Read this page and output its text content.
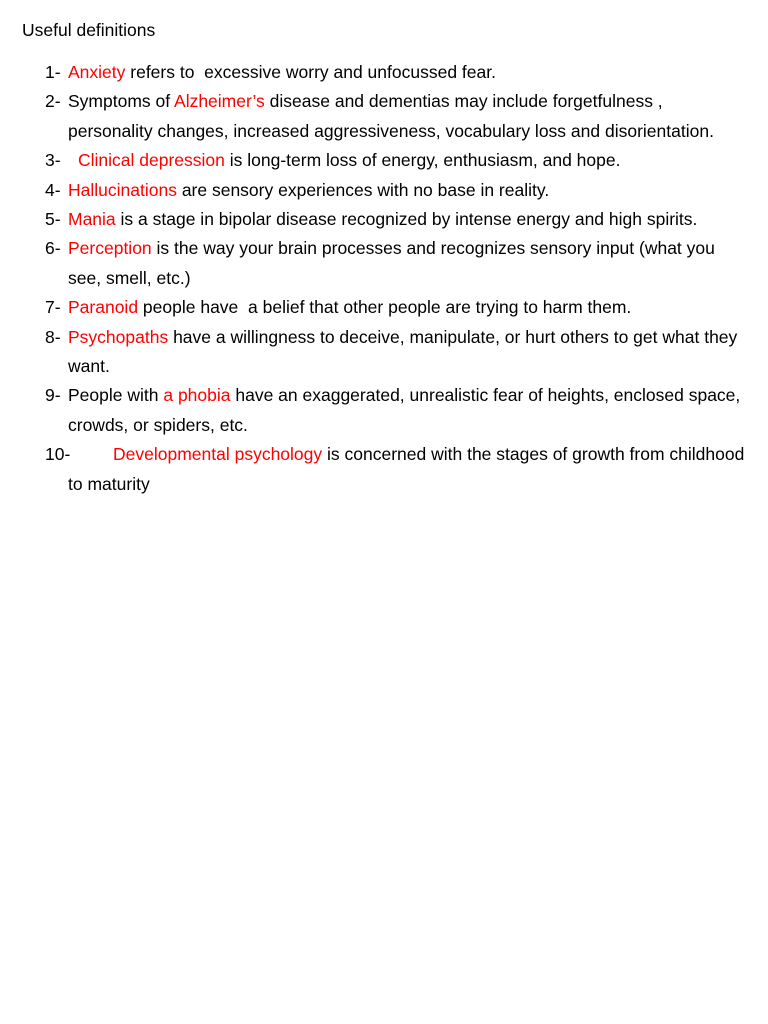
Useful definitions
1- Anxiety refers to  excessive worry and unfocussed fear.
2- Symptoms of Alzheimer’s disease and dementias may include forgetfulness , personality changes, increased aggressiveness, vocabulary loss and disorientation.
3- Clinical depression is long-term loss of energy, enthusiasm, and hope.
4- Hallucinations are sensory experiences with no base in reality.
5- Mania is a stage in bipolar disease recognized by intense energy and high spirits.
6- Perception is the way your brain processes and recognizes sensory input (what you see, smell, etc.)
7- Paranoid people have  a belief that other people are trying to harm them.
8- Psychopaths have a willingness to deceive, manipulate, or hurt others to get what they want.
9- People with a phobia have an exaggerated, unrealistic fear of heights, enclosed space, crowds, or spiders, etc.
10- Developmental psychology is concerned with the stages of growth from childhood to maturity
